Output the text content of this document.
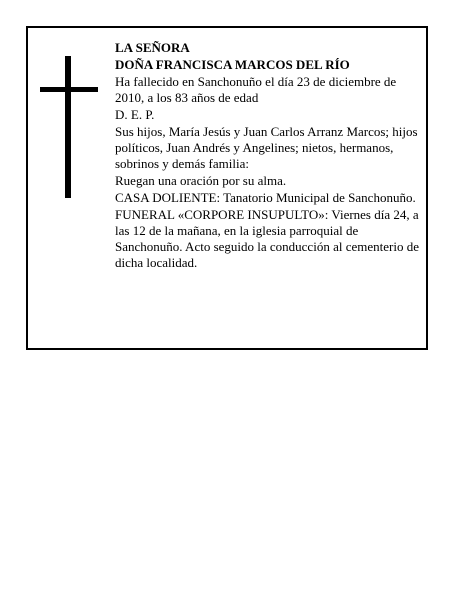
LA SEÑORA

DOÑA FRANCISCA MARCOS DEL RÍO

Ha fallecido en Sanchonuño el día 23 de diciembre de 2010, a los 83 años de edad

D. E. P.

Sus hijos, María Jesús y Juan Carlos Arranz Marcos; hijos políticos, Juan Andrés y Angelines; nietos, hermanos, sobrinos y demás familia:

Ruegan una oración por su alma.

CASA DOLIENTE: Tanatorio Municipal de Sanchonuño.

FUNERAL «CORPORE INSUPULTO»: Viernes día 24, a las 12 de la mañana, en la iglesia parroquial de Sanchonuño. Acto seguido la conducción al cementerio de dicha localidad.
